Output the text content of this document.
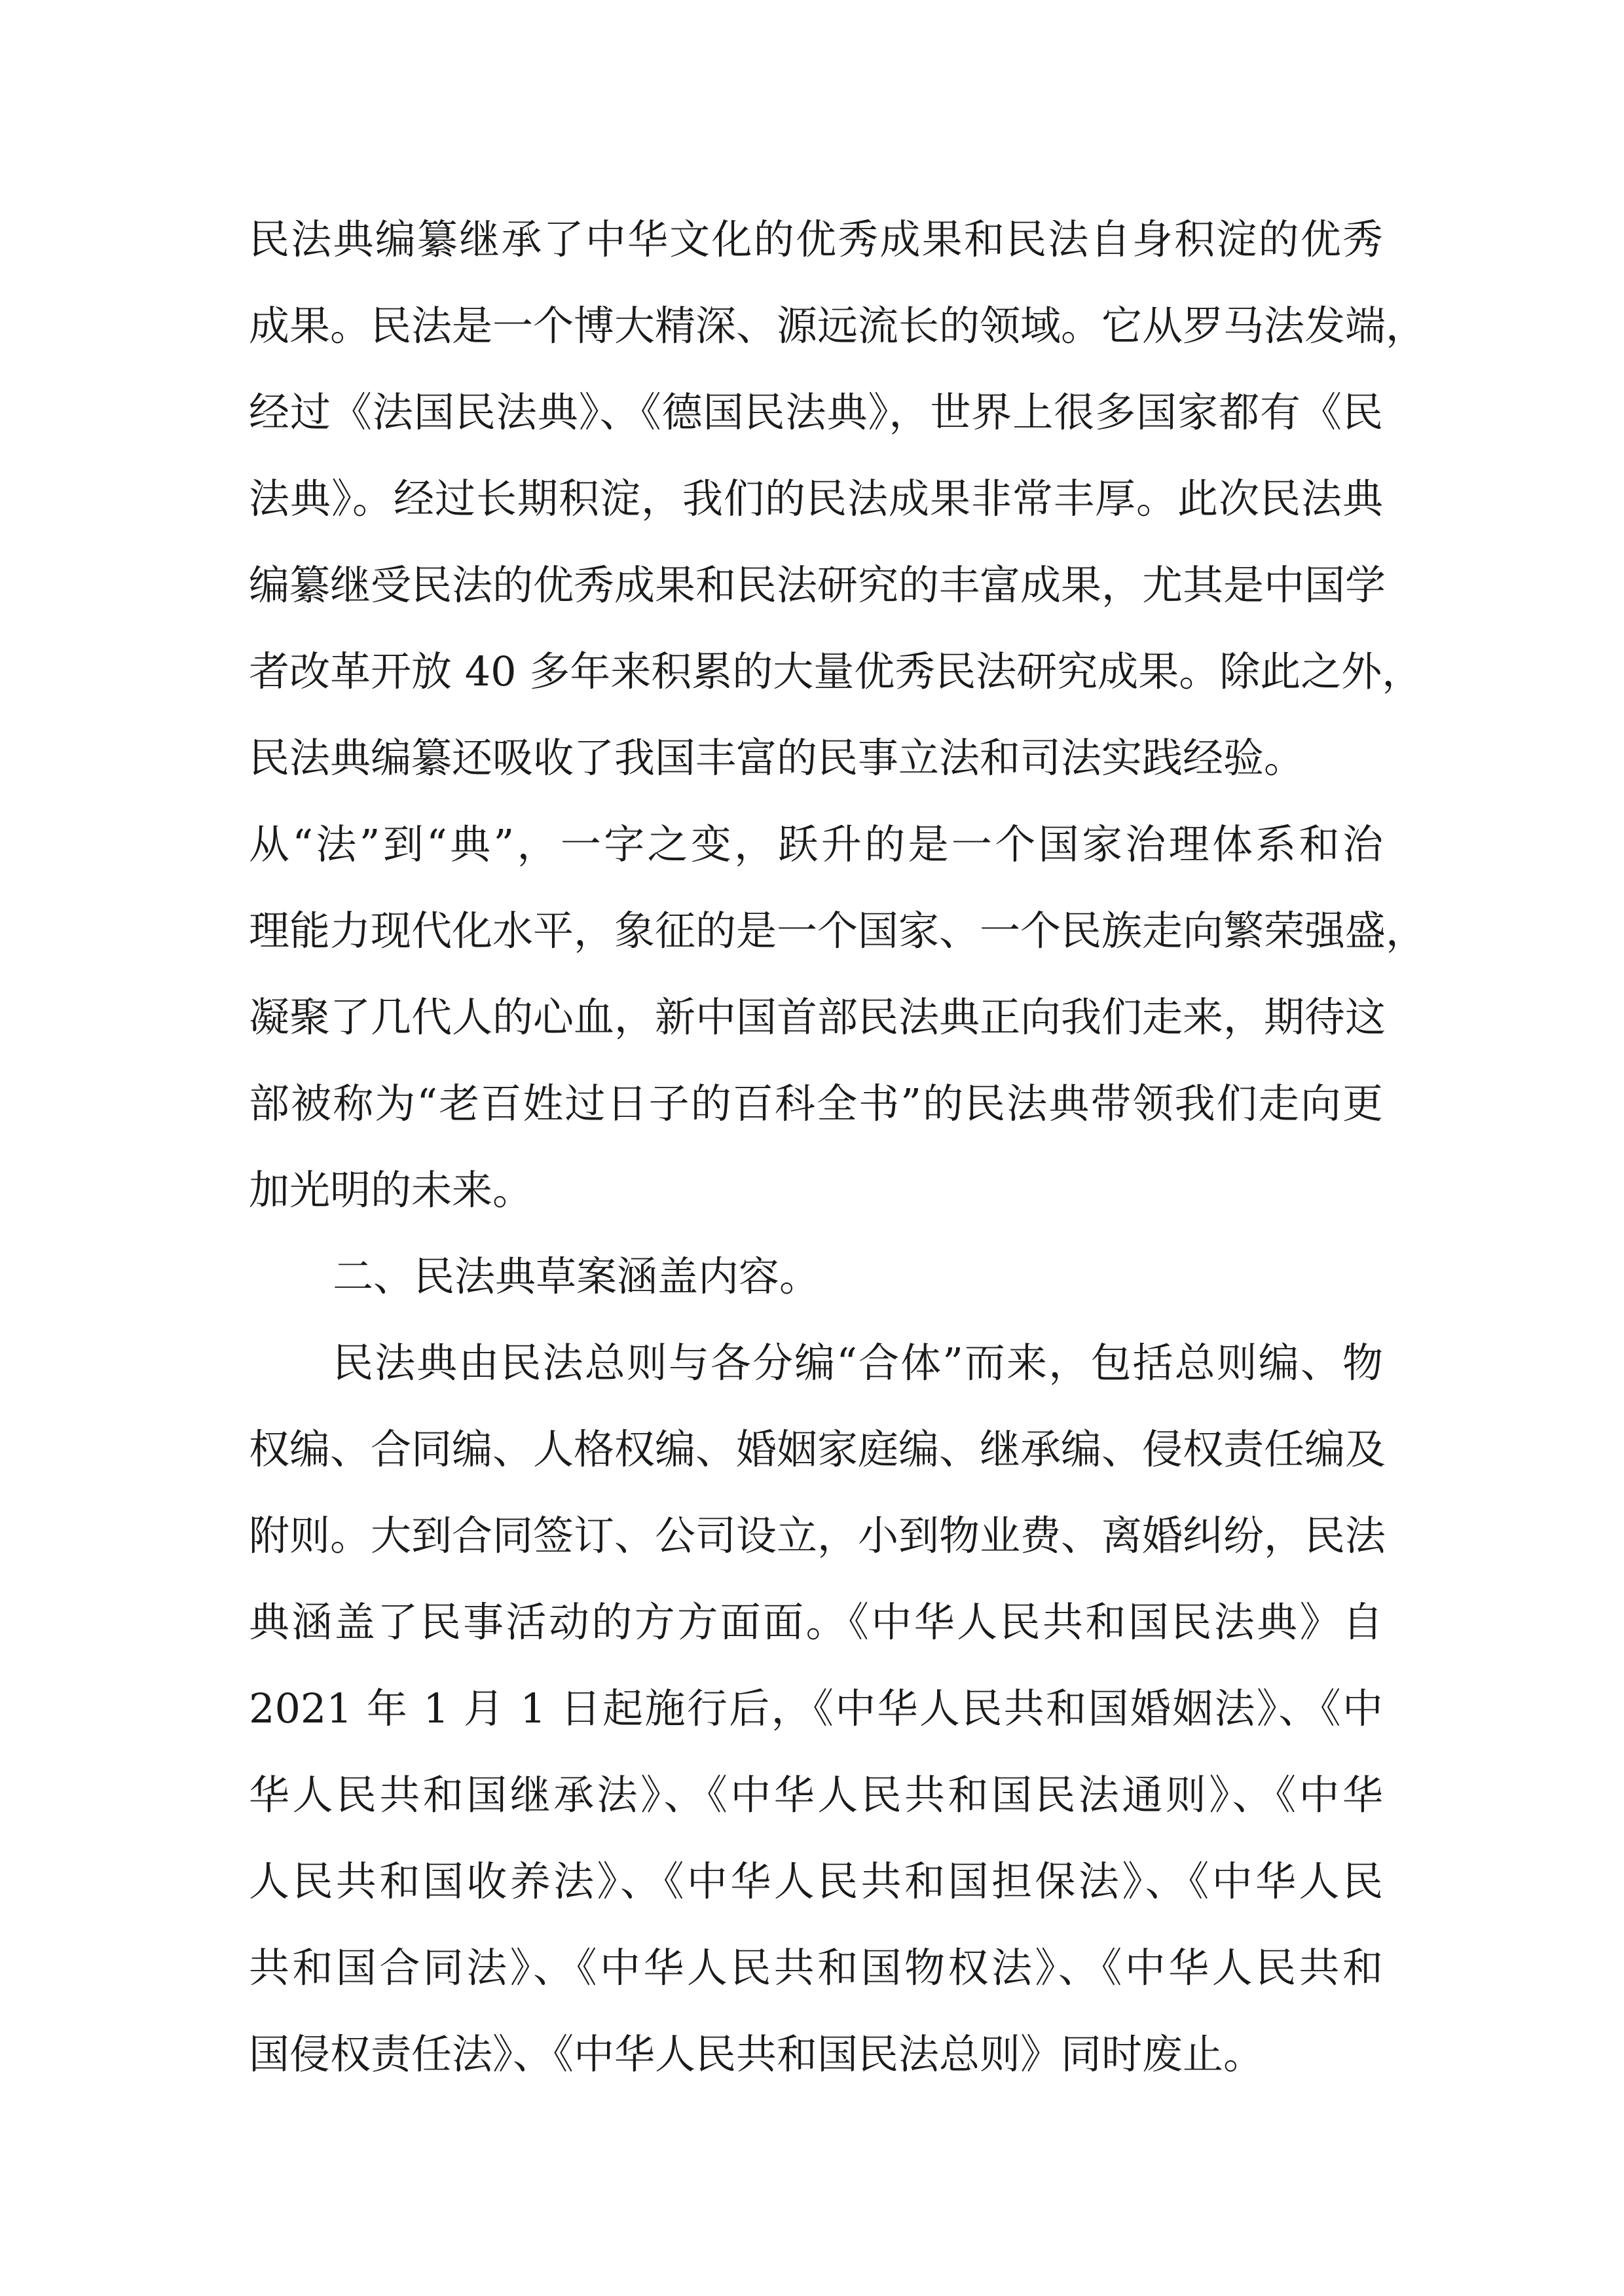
民法典编纂继承了中华文化的优秀成果和民法自身积淀的优秀
成果。民法是一个博大精深、源远流长的领域。它从罗马法发端，
经过《法国民法典》、《德国民法典》，世界上很多国家都有《民
法典》。经过长期积淀，我们的民法成果非常丰厚。此次民法典
编纂继受民法的优秀成果和民法研究的丰富成果，尤其是中国学
者改革开放 40 多年来积累的大量优秀民法研究成果。除此之外，
民法典编纂还吸收了我国丰富的民事立法和司法实践经验。
从“法”到“典”，一字之变，跃升的是一个国家治理体系和治
理能力现代化水平，象征的是一个国家、一个民族走向繁荣强盛，
凝聚了几代人的心血，新中国首部民法典正向我们走来，期待这
部被称为“老百姓过日子的百科全书”的民法典带领我们走向更
加光明的未来。
二、民法典草案涵盖内容。
民法典由民法总则与各分编“合体”而来，包括总则编、物
权编、合同编、人格权编、婚姻家庭编、继承编、侵权责任编及
附则。大到合同签订、公司设立，小到物业费、离婚纠纷，民法
典涵盖了民事活动的方方面面。《中华人民共和国民法典》自
2021 年 1 月 1 日起施行后，《中华人民共和国婚姻法》、《中
华人民共和国继承法》、《中华人民共和国民法通则》、《中华
人民共和国收养法》、《中华人民共和国担保法》、《中华人民
共和国合同法》、《中华人民共和国物权法》、《中华人民共和
国侵权责任法》、《中华人民共和国民法总则》同时废止。
